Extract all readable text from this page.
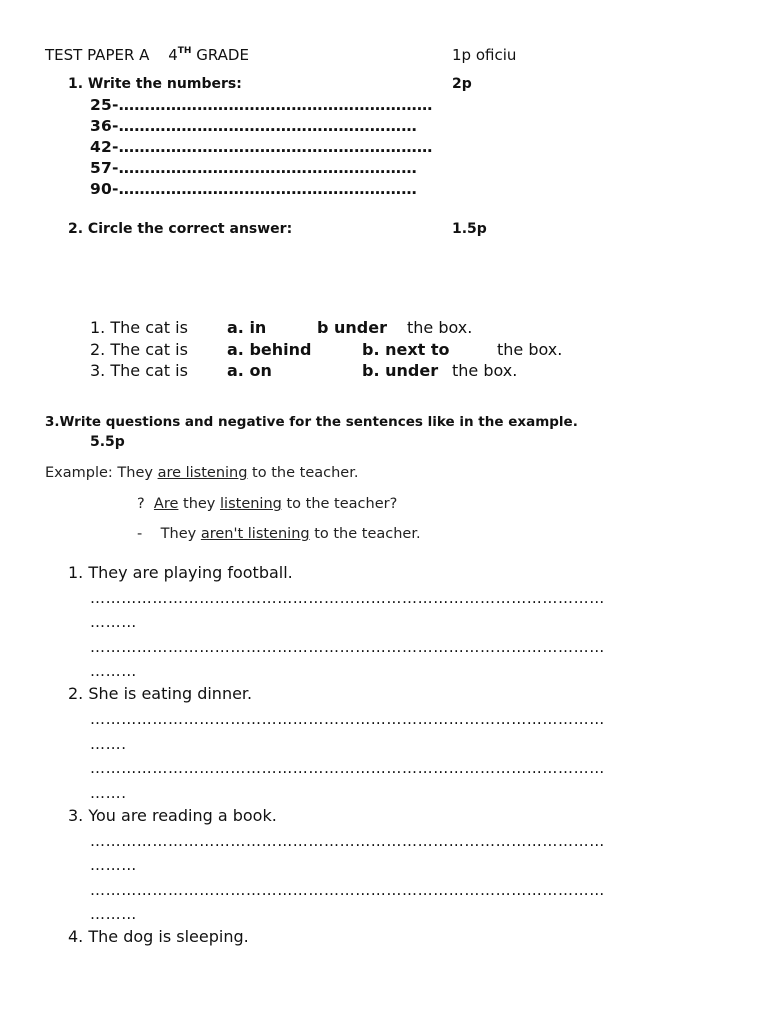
TEST PAPER A 4TH GRADE	1p oficiu
1. Write the numbers:	2p
25-……………………………………………………
36-…………………………………………………
42-……………………………………………………
57-…………………………………………………
90-…………………………………………………
2. Circle the correct answer:	1.5p
1. The cat is a. in	b under the box.
2. The cat is a. behind	b. next to	the box.
3. The cat is a. on	b. under the box.
3.Write questions and negative for the sentences like in the example.
5.5p
Example: They are listening to the teacher.
? Are they listening to the teacher?
- They aren't listening to the teacher.
1. They are playing football.
………………………………………………………………………………………
………
………………………………………………………………………………………
………
2. She is eating dinner.
………………………………………………………………………………………
…….
………………………………………………………………………………………
…….
3. You are reading a book.
………………………………………………………………………………………
………
………………………………………………………………………………………
………
4. The dog is sleeping.
